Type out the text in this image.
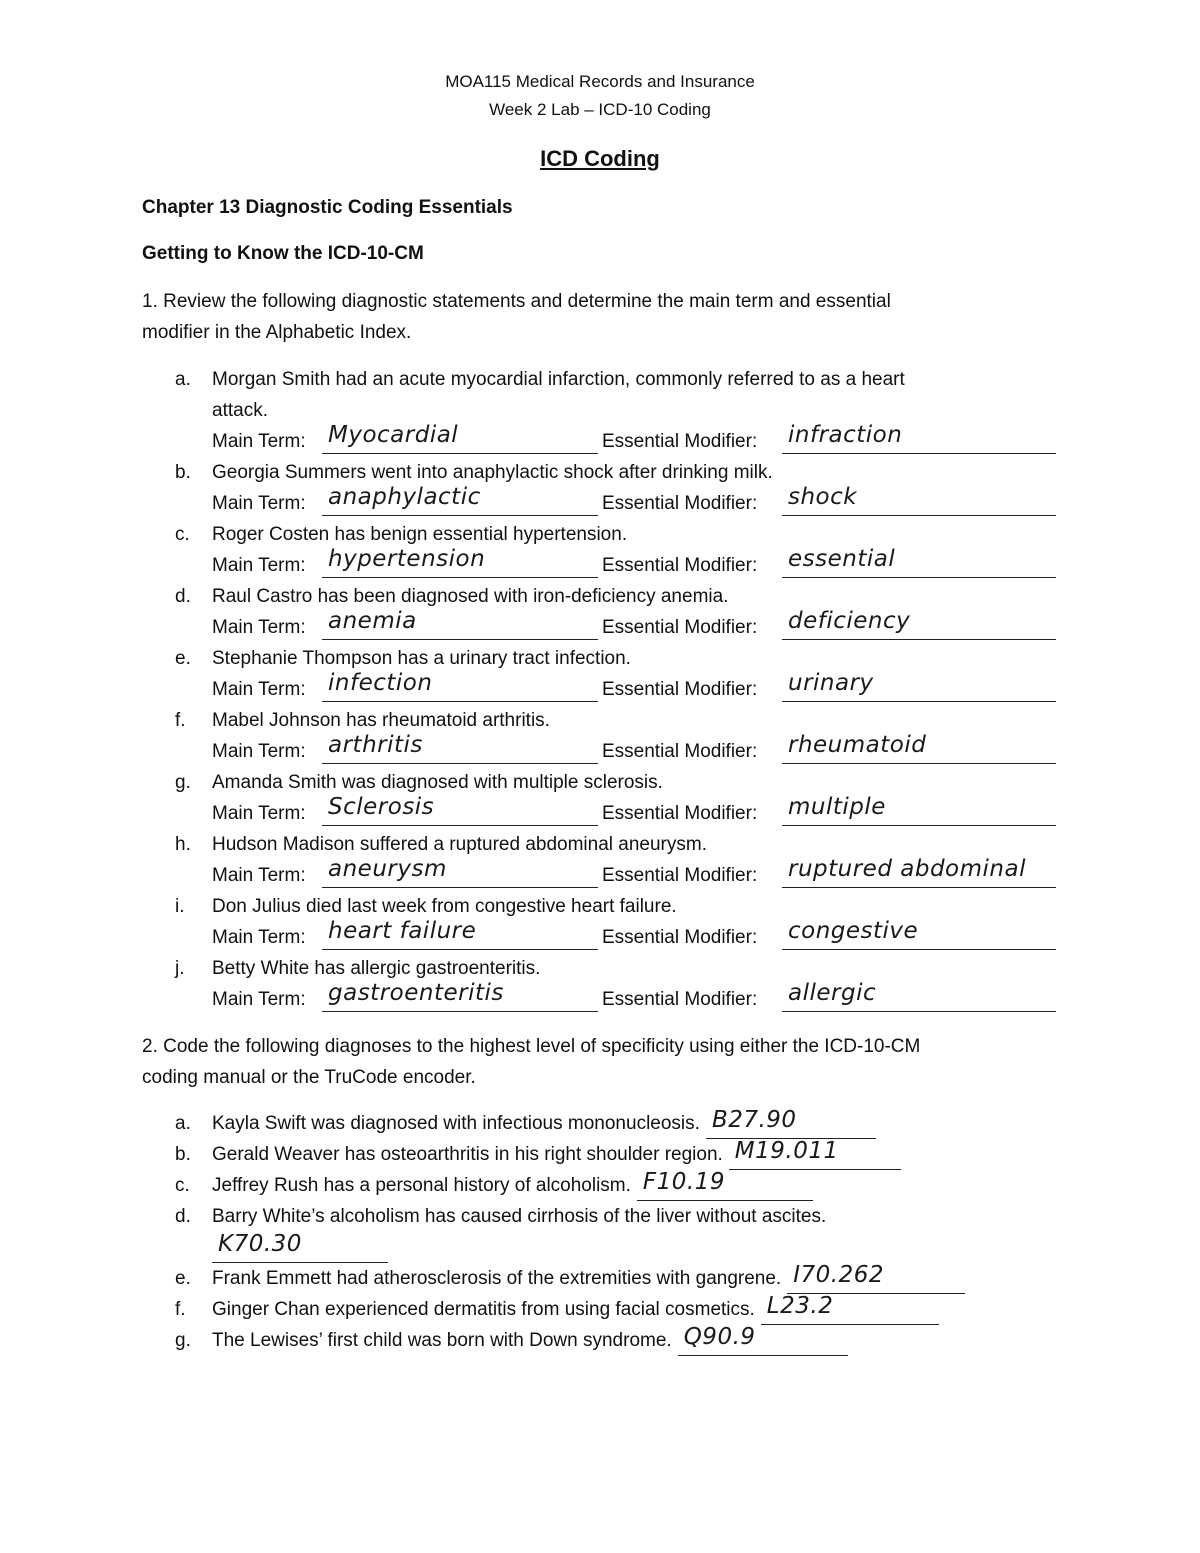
MOA115 Medical Records and Insurance
Week 2 Lab – ICD-10 Coding
ICD Coding
Chapter 13 Diagnostic Coding Essentials
Getting to Know the ICD-10-CM
1. Review the following diagnostic statements and determine the main term and essential
modifier in the Alphabetic Index.
a. Morgan Smith had an acute myocardial infarction, commonly referred to as a heart
attack.
Main Term: Myocardial	Essential Modifier: infraction
b. Georgia Summers went into anaphylactic shock after drinking milk.
Main Term: anaphylactic	Essential Modifier: shock
c. Roger Costen has benign essential hypertension.
Main Term: hypertension	Essential Modifier: essential
d. Raul Castro has been diagnosed with iron-deficiency anemia.
Main Term: anemia	Essential Modifier: deficiency
e. Stephanie Thompson has a urinary tract infection.
Main Term: infection	Essential Modifier: urinary
f. Mabel Johnson has rheumatoid arthritis.
Main Term: arthritis	Essential Modifier: rheumatoid
g. Amanda Smith was diagnosed with multiple sclerosis.
Main Term: Sclerosis	Essential Modifier: multiple
h. Hudson Madison suffered a ruptured abdominal aneurysm.
Main Term: aneurysm	Essential Modifier: ruptured abdominal
i. Don Julius died last week from congestive heart failure.
Main Term: heart failure	Essential Modifier: congestive
j. Betty White has allergic gastroenteritis.
Main Term: gastroenteritis	Essential Modifier: allergic
2. Code the following diagnoses to the highest level of specificity using either the ICD-10-CM
coding manual or the TruCode encoder.
a. Kayla Swift was diagnosed with infectious mononucleosis. B27.90
b. Gerald Weaver has osteoarthritis in his right shoulder region. M19.011
c. Jeffrey Rush has a personal history of alcoholism. F10.19
d. Barry White’s alcoholism has caused cirrhosis of the liver without ascites.
K70.30
e. Frank Emmett had atherosclerosis of the extremities with gangrene. I70.262
f. Ginger Chan experienced dermatitis from using facial cosmetics. L23.2
g. The Lewises’ first child was born with Down syndrome. Q90.9
